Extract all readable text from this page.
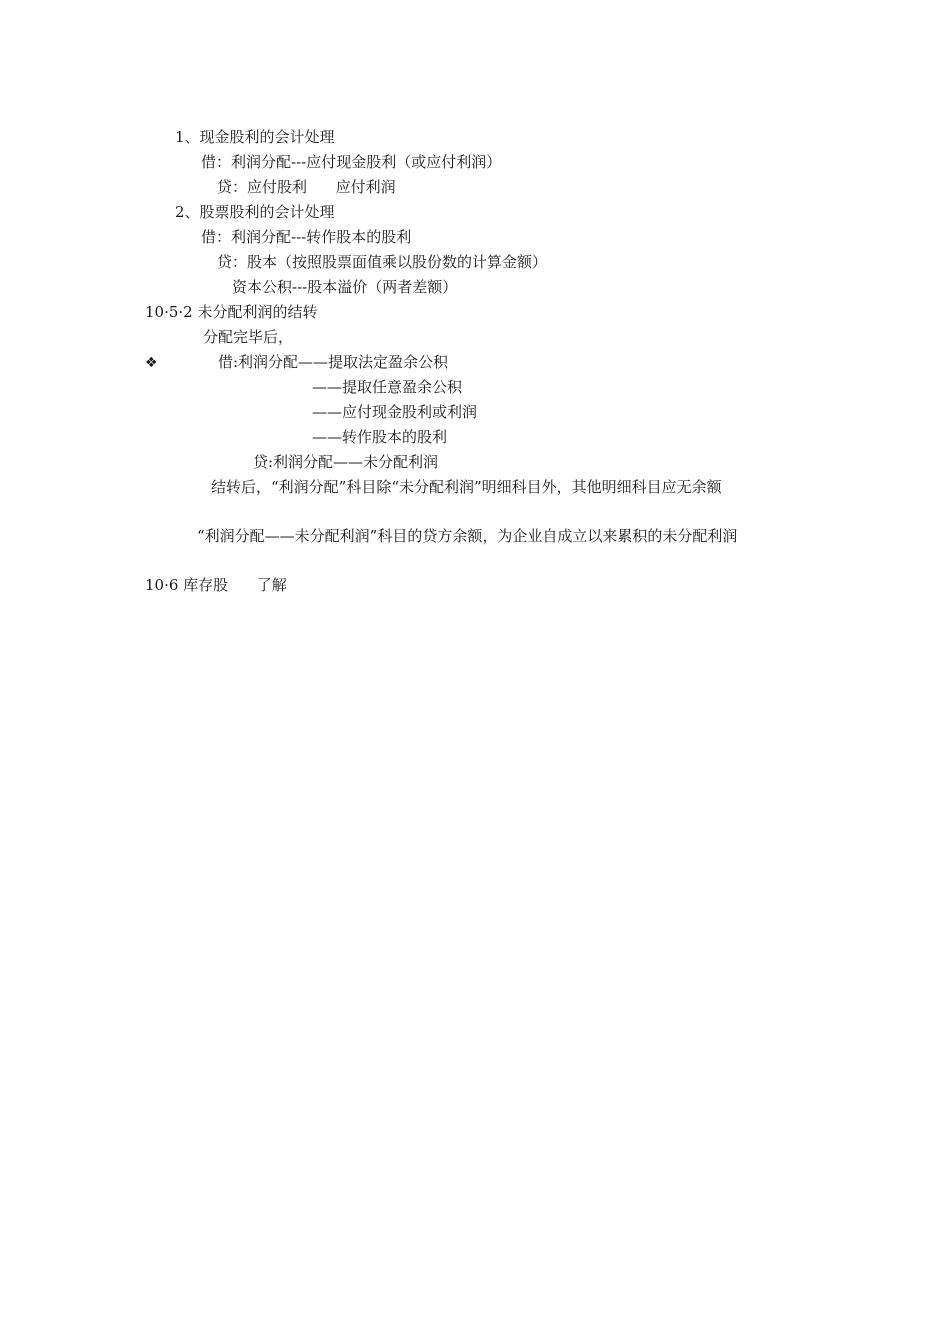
1、现金股利的会计处理
借：利润分配---应付现金股利（或应付利润）
贷：应付股利      应付利润
2、股票股利的会计处理
借：利润分配---转作股本的股利
贷：股本（按照股票面值乘以股份数的计算金额）
资本公积---股本溢价（两者差额）
10·5·2 未分配利润的结转
分配完毕后，
❖	借:利润分配——提取法定盈余公积
——提取任意盈余公积
——应付现金股利或利润
——转作股本的股利
贷:利润分配——未分配利润
结转后，“利润分配”科目除“未分配利润”明细科目外，其他明细科目应无余额
“利润分配——未分配利润”科目的贷方余额，为企业自成立以来累积的未分配利润
10·6 库存股      了解
